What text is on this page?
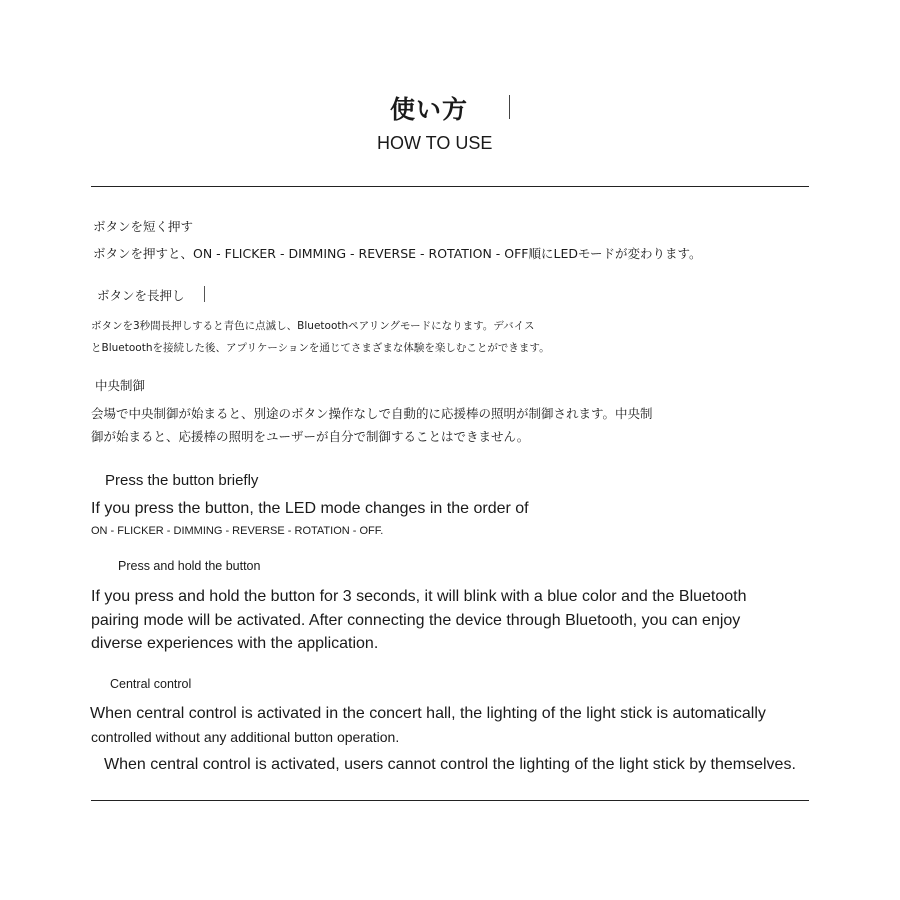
使い方
HOW TO USE
ボタンを短く押す
ボタンを押すと、ON - FLICKER - DIMMING - REVERSE - ROTATION - OFF順にLEDモードが変わります。
ボタンを長押し
ボタンを3秒間長押しすると青色に点滅し、Bluetoothペアリングモードになります。デバイス
とBluetoothを接続した後、アプリケーションを通じてさまざまな体験を楽しむことができます。
中央制御
会場で中央制御が始まると、別途のボタン操作なしで自動的に応援棒の照明が制御されます。中央制
御が始まると、応援棒の照明をユーザーが自分で制御することはできません。
Press the button briefly
If you press the button, the LED mode changes in the order of
ON - FLICKER - DIMMING - REVERSE - ROTATION - OFF.
Press and hold the button
If you press and hold the button for 3 seconds, it will blink with a blue color and the Bluetooth
pairing mode will be activated. After connecting the device through Bluetooth, you can enjoy
diverse experiences with the application.
Central control
When central control is activated in the concert hall, the lighting of the light stick is automatically
controlled without any additional button operation.
When central control is activated, users cannot control the lighting of the light stick by themselves.
